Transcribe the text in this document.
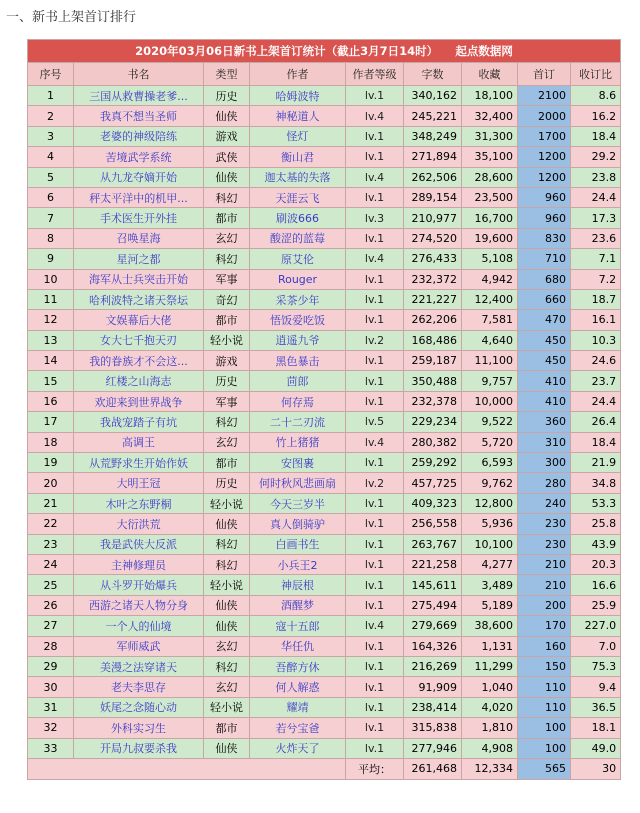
一、新书上架首订排行
2020年03月06日新书上架首订统计（截止3月7日14时）　　起点数据网								
序号	书名	类型	作者	作者等级	字数	收藏	首订	收订比
1	三国从救曹操老爹...	历史	哈姆波特	lv.1	340,162	18,100	2100	8.6
2	我真不想当圣师	仙侠	神秘道人	lv.4	245,221	32,400	2000	16.2
3	老婆的神级陪练	游戏	怪灯	lv.1	348,249	31,300	1700	18.4
4	苦境武学系统	武侠	衡山君	lv.1	271,894	35,100	1200	29.2
5	从九龙夺嫡开始	仙侠	迦太基的失落	lv.4	262,506	28,600	1200	23.8
6	秤太平洋中的机甲...	科幻	天涯云飞	lv.1	289,154	23,500	960	24.4
7	手术医生开外挂	都市	刷波666	lv.3	210,977	16,700	960	17.3
8	召唤星海	玄幻	酸涩的蓝莓	lv.1	274,520	19,600	830	23.6
9	星河之都	科幻	原艾伦	lv.4	276,433	5,108	710	7.1
10	海军从士兵突击开始	军事	Rouger	lv.1	232,372	4,942	680	7.2
11	哈利波特之诸天祭坛	奇幻	采茶少年	lv.1	221,227	12,400	660	18.7
12	文娱幕后大佬	都市	悟饭爱吃饭	lv.1	262,206	7,581	470	16.1
13	女大七千抱天刃	轻小说	逍遥九爷	lv.2	168,486	4,640	450	10.3
14	我的眷族才不会这...	游戏	黑色暴击	lv.1	259,187	11,100	450	24.6
15	红楼之山海志	历史	茴郎	lv.1	350,488	9,757	410	23.7
16	欢迎来到世界战争	军事	何存焉	lv.1	232,378	10,000	410	24.4
17	我战宠踏子有坑	科幻	二十二刃流	lv.5	229,234	9,522	360	26.4
18	高调王	玄幻	竹上猪猪	lv.4	280,382	5,720	310	18.4
19	从荒野求生开始作妖	都市	安图裹	lv.1	259,292	6,593	300	21.9
20	大明王冠	历史	何时秋风悲画扇	lv.2	457,725	9,762	280	34.8
21	木叶之东野桐	轻小说	今天三岁半	lv.1	409,323	12,800	240	53.3
22	大衍洪荒	仙侠	真人倒骑驴	lv.1	256,558	5,936	230	25.8
23	我是武侠大反派	科幻	白画书生	lv.1	263,767	10,100	230	43.9
24	主神修理员	科幻	小兵王2	lv.1	221,258	4,277	210	20.3
25	从斗罗开始爆兵	轻小说	神辰根	lv.1	145,611	3,489	210	16.6
26	西游之诸天人物分身	仙侠	酒醒梦	lv.1	275,494	5,189	200	25.9
27	一个人的仙境	仙侠	寇十五郎	lv.4	279,669	38,600	170	227.0
28	军师威武	玄幻	华任仇	lv.1	164,326	1,131	160	7.0
29	美漫之法穿诸天	科幻	吾醉方休	lv.1	216,269	11,299	150	75.3
30	老夫李思存	玄幻	何人解惑	lv.1	91,909	1,040	110	9.4
31	妖尾之念随心动	轻小说	耀靖	lv.1	238,414	4,020	110	36.5
32	外科实习生	都市	若兮宝爸	lv.1	315,838	1,810	100	18.1
33	开局九叔要杀我	仙侠	火炸天了	lv.1	277,946	4,908	100	49.0
				平均：	261,468	12,334	565	30
